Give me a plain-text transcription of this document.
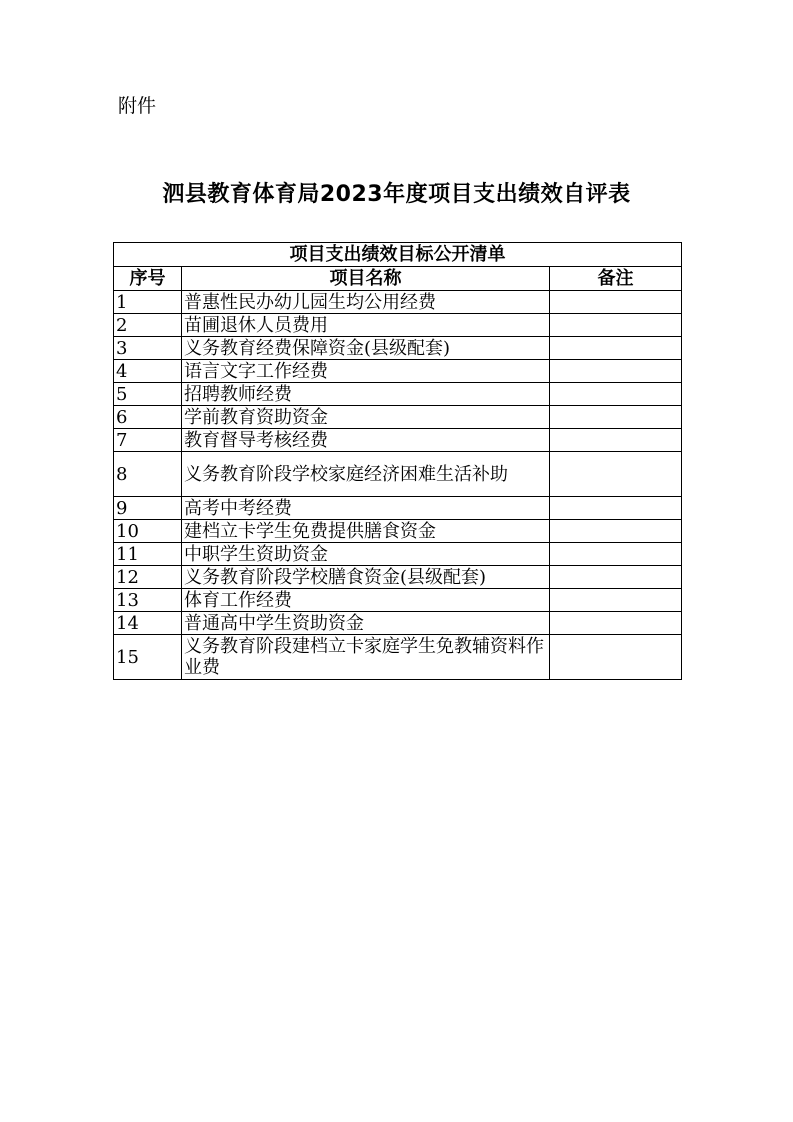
附件
泗县教育体育局2023年度项目支出绩效自评表
项目支出绩效目标公开清单		
序号	项目名称	备注
1	普惠性民办幼儿园生均公用经费	
2	苗圃退休人员费用	
3	义务教育经费保障资金(县级配套)	
4	语言文字工作经费	
5	招聘教师经费	
6	学前教育资助资金	
7	教育督导考核经费	
8	义务教育阶段学校家庭经济困难生活补助	
9	高考中考经费	
10	建档立卡学生免费提供膳食资金	
11	中职学生资助资金	
12	义务教育阶段学校膳食资金(县级配套)	
13	体育工作经费	
14	普通高中学生资助资金	
15	义务教育阶段建档立卡家庭学生免教辅资料作业费	
